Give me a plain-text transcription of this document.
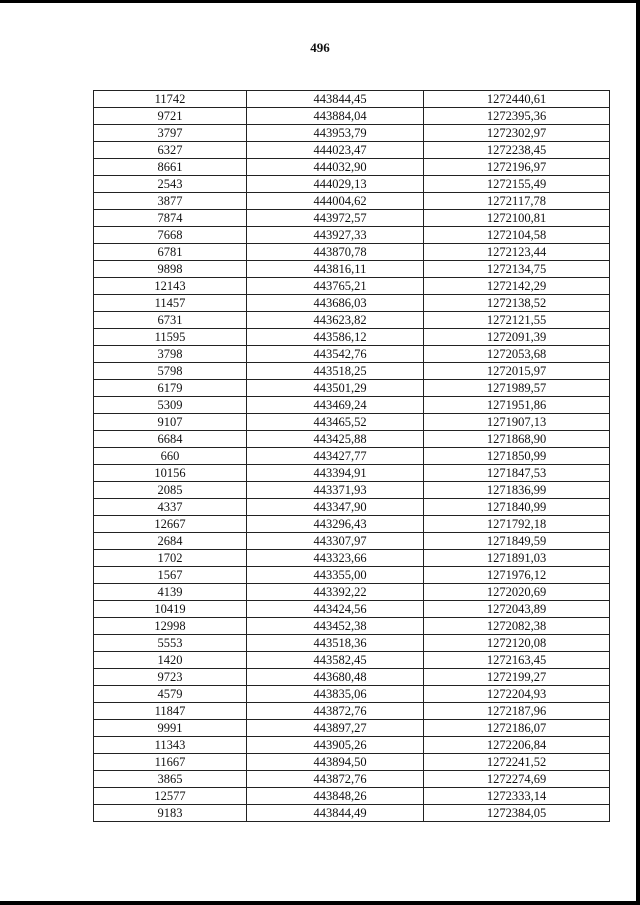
496
11742	443844,45	1272440,61
9721	443884,04	1272395,36
3797	443953,79	1272302,97
6327	444023,47	1272238,45
8661	444032,90	1272196,97
2543	444029,13	1272155,49
3877	444004,62	1272117,78
7874	443972,57	1272100,81
7668	443927,33	1272104,58
6781	443870,78	1272123,44
9898	443816,11	1272134,75
12143	443765,21	1272142,29
11457	443686,03	1272138,52
6731	443623,82	1272121,55
11595	443586,12	1272091,39
3798	443542,76	1272053,68
5798	443518,25	1272015,97
6179	443501,29	1271989,57
5309	443469,24	1271951,86
9107	443465,52	1271907,13
6684	443425,88	1271868,90
660	443427,77	1271850,99
10156	443394,91	1271847,53
2085	443371,93	1271836,99
4337	443347,90	1271840,99
12667	443296,43	1271792,18
2684	443307,97	1271849,59
1702	443323,66	1271891,03
1567	443355,00	1271976,12
4139	443392,22	1272020,69
10419	443424,56	1272043,89
12998	443452,38	1272082,38
5553	443518,36	1272120,08
1420	443582,45	1272163,45
9723	443680,48	1272199,27
4579	443835,06	1272204,93
11847	443872,76	1272187,96
9991	443897,27	1272186,07
11343	443905,26	1272206,84
11667	443894,50	1272241,52
3865	443872,76	1272274,69
12577	443848,26	1272333,14
9183	443844,49	1272384,05
